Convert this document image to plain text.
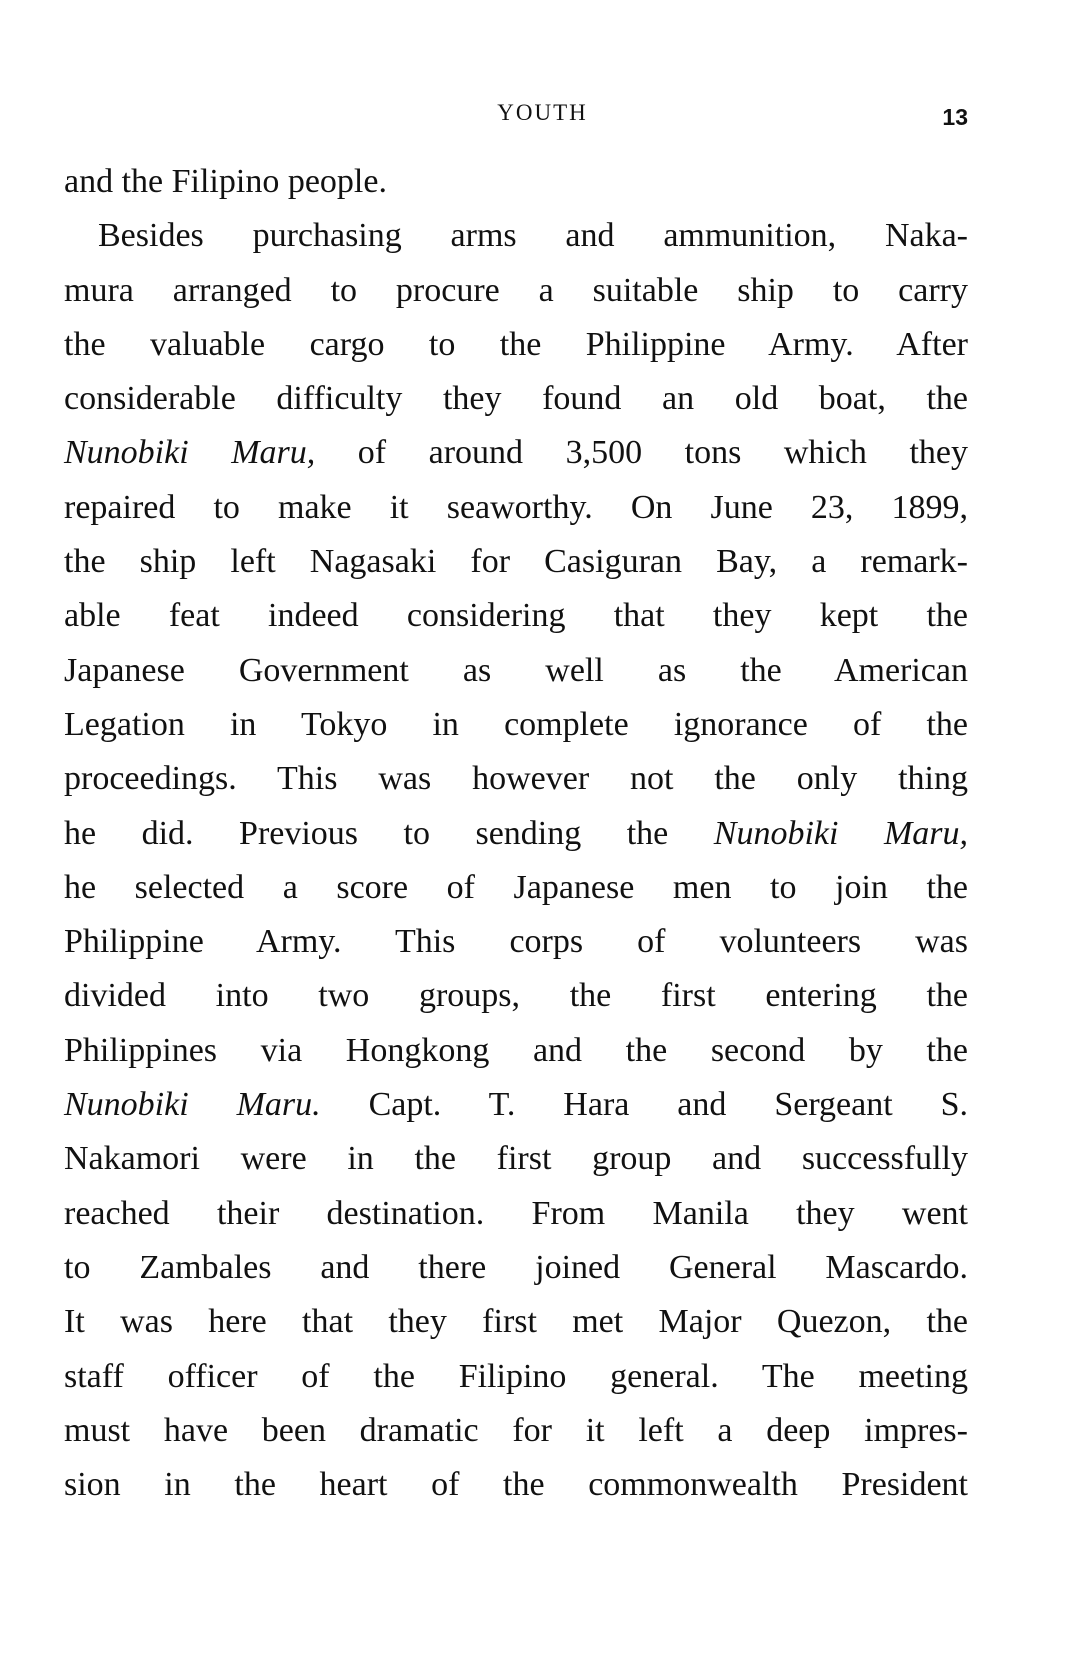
YOUTH	13
and the Filipino people.
Besides purchasing arms and ammunition, Naka-
mura arranged to procure a suitable ship to carry
the valuable cargo to the Philippine Army. After
considerable difficulty they found an old boat, the
Nunobiki Maru, of around 3,500 tons which they
repaired to make it seaworthy. On June 23, 1899,
the ship left Nagasaki for Casiguran Bay, a remark-
able feat indeed considering that they kept the
Japanese Government as well as the American
Legation in Tokyo in complete ignorance of the
proceedings. This was however not the only thing
he did. Previous to sending the Nunobiki Maru,
he selected a score of Japanese men to join the
Philippine Army. This corps of volunteers was
divided into two groups, the first entering the
Philippines via Hongkong and the second by the
Nunobiki Maru. Capt. T. Hara and Sergeant S.
Nakamori were in the first group and successfully
reached their destination. From Manila they went
to Zambales and there joined General Mascardo.
It was here that they first met Major Quezon, the
staff officer of the Filipino general. The meeting
must have been dramatic for it left a deep impres-
sion in the heart of the commonwealth President
